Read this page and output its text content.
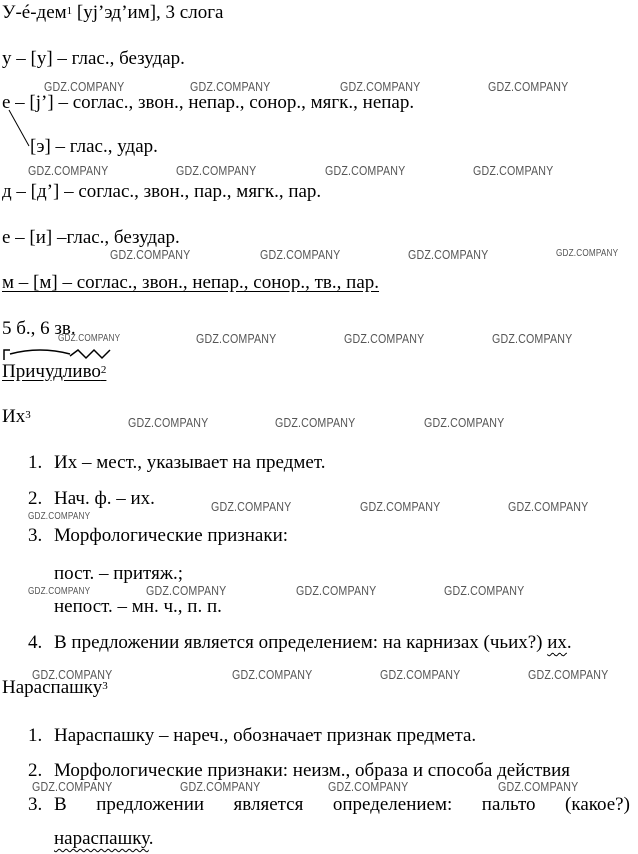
У-é-дем$^1$ [уj’эд’им], 3 слога
у – [у] – глас., безудар.
е – [j’] – соглас., звон., непар., сонор., мягк., непар.
[э] – глас., удар.
д – [д’] – соглас., звон., пар., мягк., пар.
е – [и] –глас., безудар.
м – [м] – соглас., звон., непар., сонор., тв., пар.
5 б., 6 зв.
Причудливо$^2$
$Их^3$
1. Их – мест., указывает на предмет.
2. Нач. ф. – их.
3. Морфологические признаки:
пост. – притяж.;
непост. – мн. ч., п. п.
4. В предложении является определением: на карнизах (чьих?) их.
Нараспашку$^3$
1. Нараспашку – нареч., обозначает признак предмета.
2. Морфологические признаки: неизм., образа и способа действия
3. В предложении является определением: пальто (какое?)
нараспашку.
GDZ.COMPANY	GDZ.COMPANY	GDZ.COMPANY	GDZ.COMPANY
GDZ.COMPANY	GDZ.COMPANY	GDZ.COMPANY	GDZ.COMPANY
GDZ.COMPANY	GDZ.COMPANY	GDZ.COMPANY	GDZ.COMPANY
GDZ.COMPANY	GDZ.COMPANY	GDZ.COMPANY	GDZ.COMPANY
GDZ.COMPANY	GDZ.COMPANY	GDZ.COMPANY
GDZ.COMPANY
GDZ.COMPANY	GDZ.COMPANY	GDZ.COMPANY
GDZ.COMPANY	GDZ.COMPANY	GDZ.COMPANY	GDZ.COMPANY
GDZ.COMPANY	GDZ.COMPANY	GDZ.COMPANY	GDZ.COMPANY
GDZ.COMPANY	GDZ.COMPANY	GDZ.COMPANY	GDZ.COMPANY
